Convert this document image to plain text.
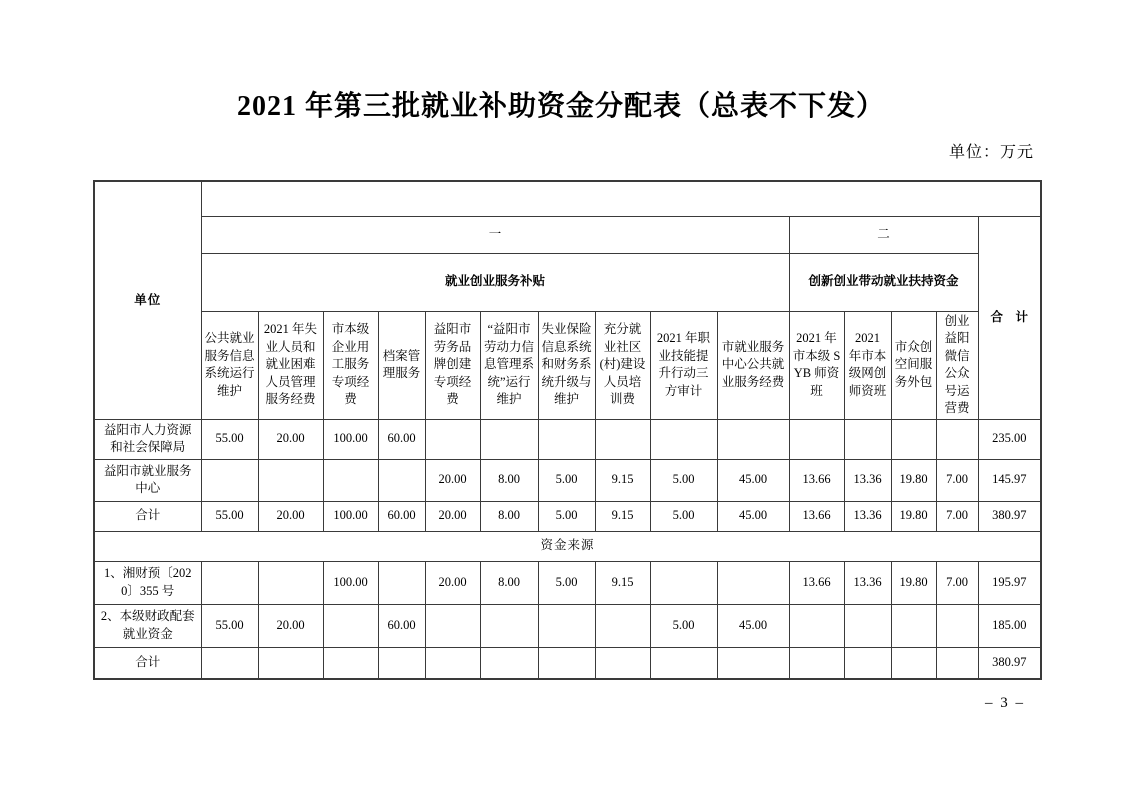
2021 年第三批就业补助资金分配表（总表不下发）
单位：万元
单位															
	一										二				合　计
	就业创业服务补贴										创新创业带动就业扶持资金				
	公共就业服务信息系统运行维护	2021 年失业人员和就业困难人员管理服务经费	市本级企业用工服务专项经费	档案管理服务	益阳市劳务品牌创建专项经费	“益阳市劳动力信息管理系统”运行维护	失业保险信息系统和财务系统升级与维护	充分就业社区(村)建设人员培训费	2021 年职业技能提升行动三方审计	市就业服务中心公共就业服务经费	2021 年市本级 SYB 师资班	2021 年市本级网创师资班	市众创空间服务外包	创业益阳微信公众号运营费	
益阳市人力资源和社会保障局	55.00	20.00	100.00	60.00											235.00
益阳市就业服务中心					20.00	8.00	5.00	9.15	5.00	45.00	13.66	13.36	19.80	7.00	145.97
合计	55.00	20.00	100.00	60.00	20.00	8.00	5.00	9.15	5.00	45.00	13.66	13.36	19.80	7.00	380.97
资金来源															
1、湘财预〔2020〕355 号			100.00		20.00	8.00	5.00	9.15			13.66	13.36	19.80	7.00	195.97
2、本级财政配套就业资金	55.00	20.00		60.00					5.00	45.00					185.00
合计															380.97
– 3 –
